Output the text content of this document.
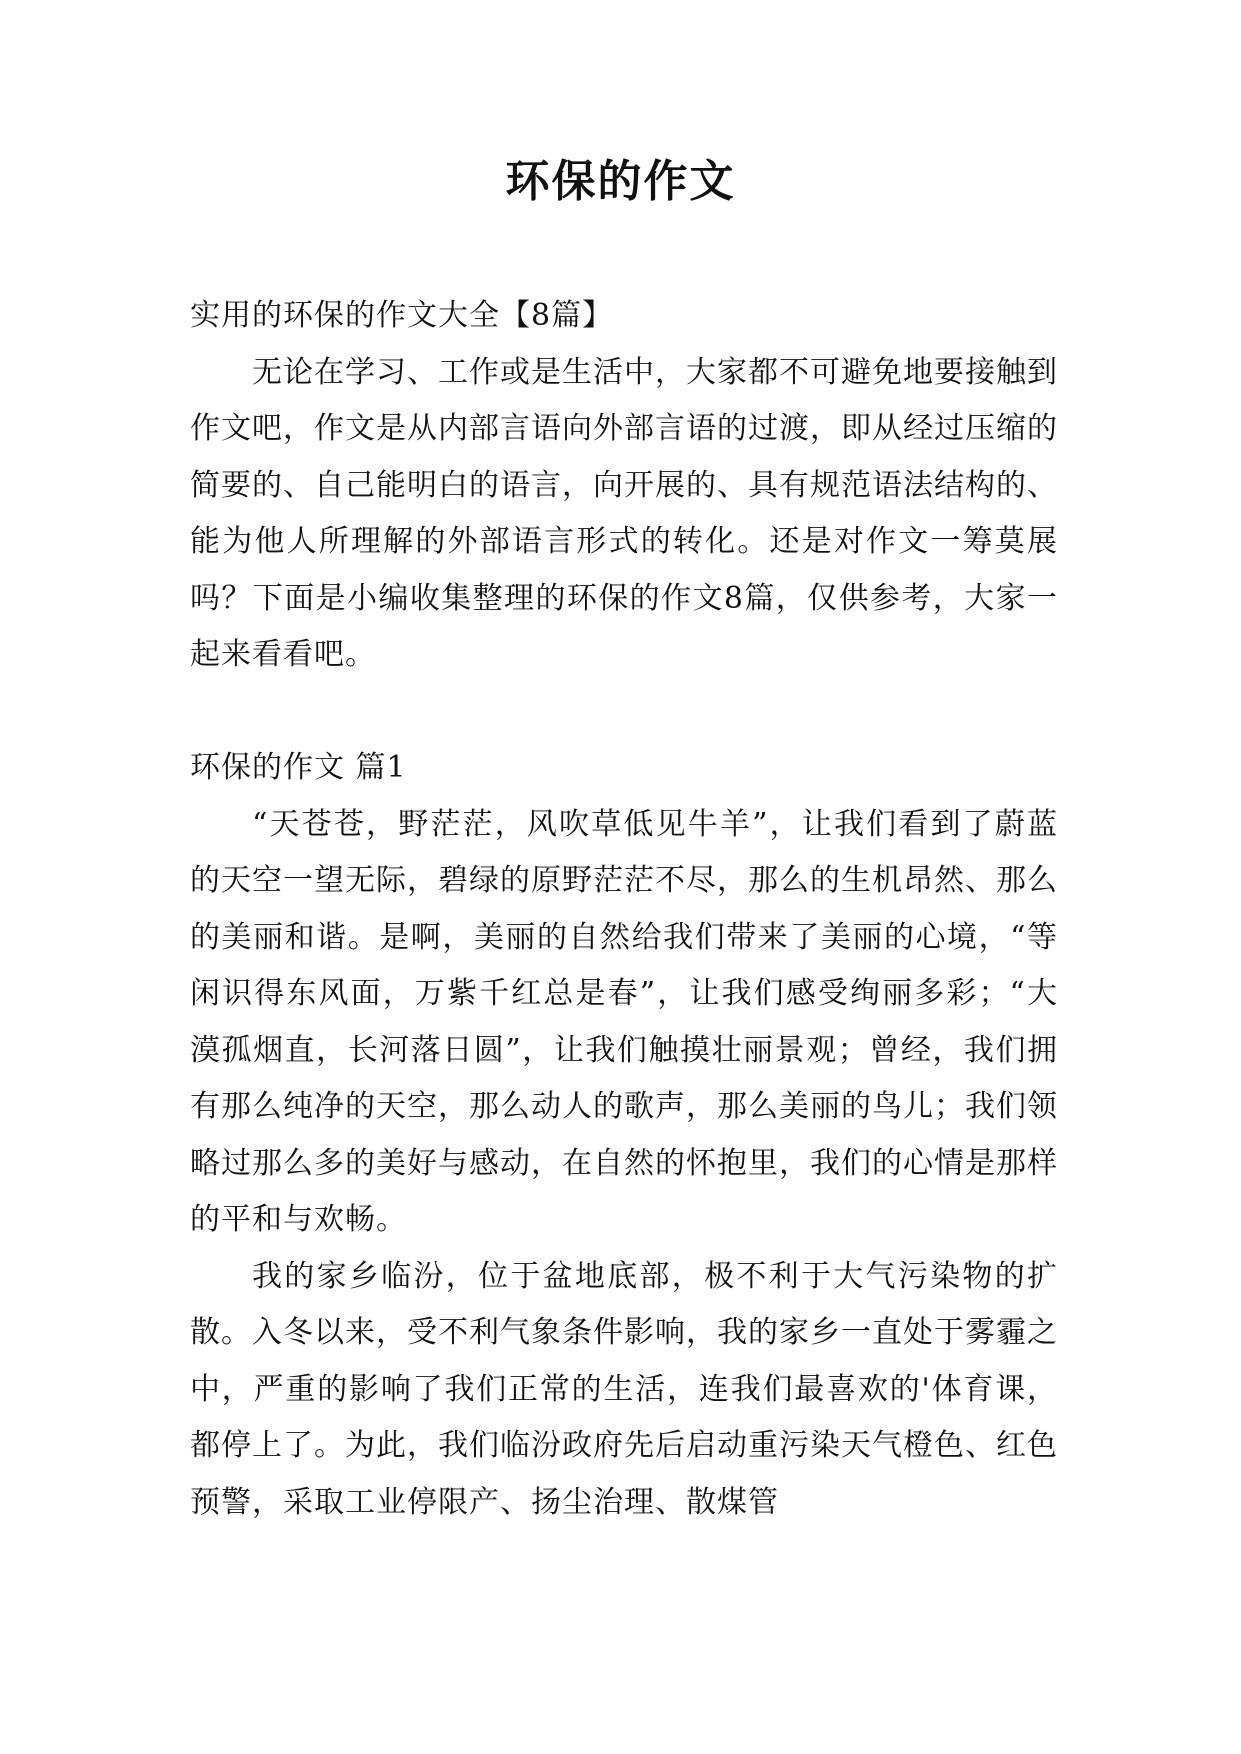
环保的作文

实用的环保的作文大全【8篇】

无论在学习、工作或是生活中，大家都不可避免地要接触到作文吧，作文是从内部言语向外部言语的过渡，即从经过压缩的简要的、自己能明白的语言，向开展的、具有规范语法结构的、能为他人所理解的外部语言形式的转化。还是对作文一筹莫展吗？下面是小编收集整理的环保的作文8篇，仅供参考，大家一起来看看吧。

环保的作文 篇1

“天苍苍，野茫茫，风吹草低见牛羊”，让我们看到了蔚蓝的天空一望无际，碧绿的原野茫茫不尽，那么的生机昂然、那么的美丽和谐。是啊，美丽的自然给我们带来了美丽的心境，“等闲识得东风面，万紫千红总是春”，让我们感受绚丽多彩；“大漠孤烟直，长河落日圆”，让我们触摸壮丽景观；曾经，我们拥有那么纯净的天空，那么动人的歌声，那么美丽的鸟儿；我们领略过那么多的美好与感动，在自然的怀抱里，我们的心情是那样的平和与欢畅。

我的家乡临汾，位于盆地底部，极不利于大气污染物的扩散。入冬以来，受不利气象条件影响，我的家乡一直处于雾霾之中，严重的影响了我们正常的生活，连我们最喜欢的'体育课，都停上了。为此，我们临汾政府先后启动重污染天气橙色、红色预警，采取工业停限产、扬尘治理、散煤管
